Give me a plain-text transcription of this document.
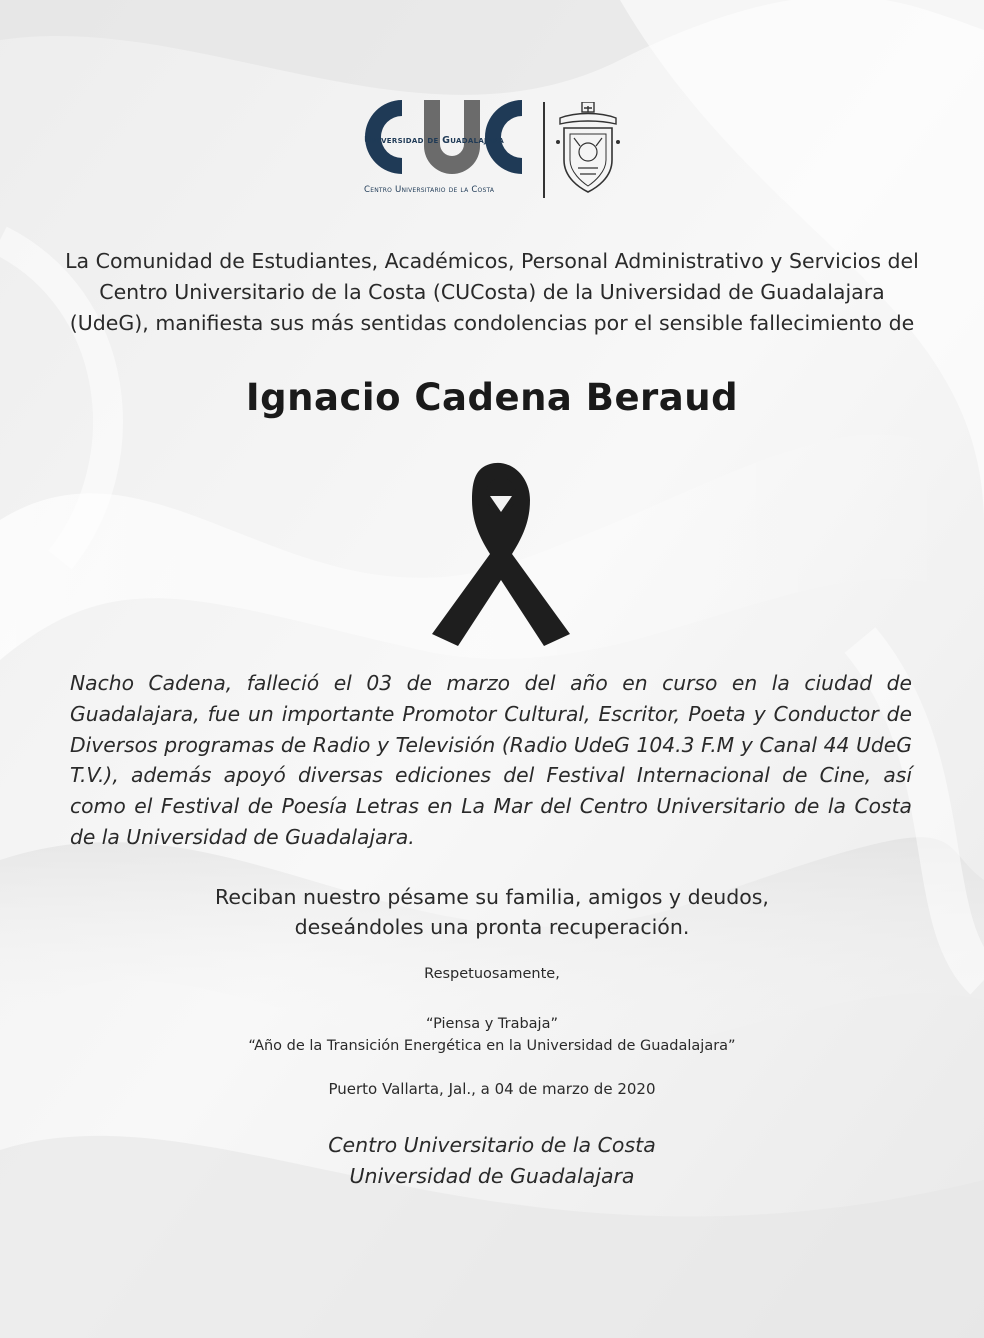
Universidad de Guadalajara
Centro Universitario de la Costa
La Comunidad de Estudiantes, Académicos, Personal Administrativo y Servicios del
Centro Universitario de la Costa (CUCosta) de la Universidad de Guadalajara
(UdeG), manifiesta sus más sentidas condolencias por el sensible fallecimiento de
Ignacio Cadena Beraud
Nacho Cadena, falleció el 03 de marzo del año en curso en la ciudad de Guadalajara, fue un importante Promotor Cultural, Escritor, Poeta y Conductor de Diversos programas de Radio y Televisión (Radio UdeG 104.3 F.M y Canal 44 UdeG T.V.), además apoyó diversas ediciones del Festival Internacional de Cine, así como el Festival de Poesía Letras en La Mar del Centro Universitario de la Costa de la Universidad de Guadalajara.
Reciban nuestro pésame su familia, amigos y deudos,
deseándoles una pronta recuperación.
Respetuosamente,
“Piensa y Trabaja”
“Año de la Transición Energética en la Universidad de Guadalajara”
Puerto Vallarta, Jal., a 04 de marzo de 2020
Centro Universitario de la Costa
Universidad de Guadalajara
